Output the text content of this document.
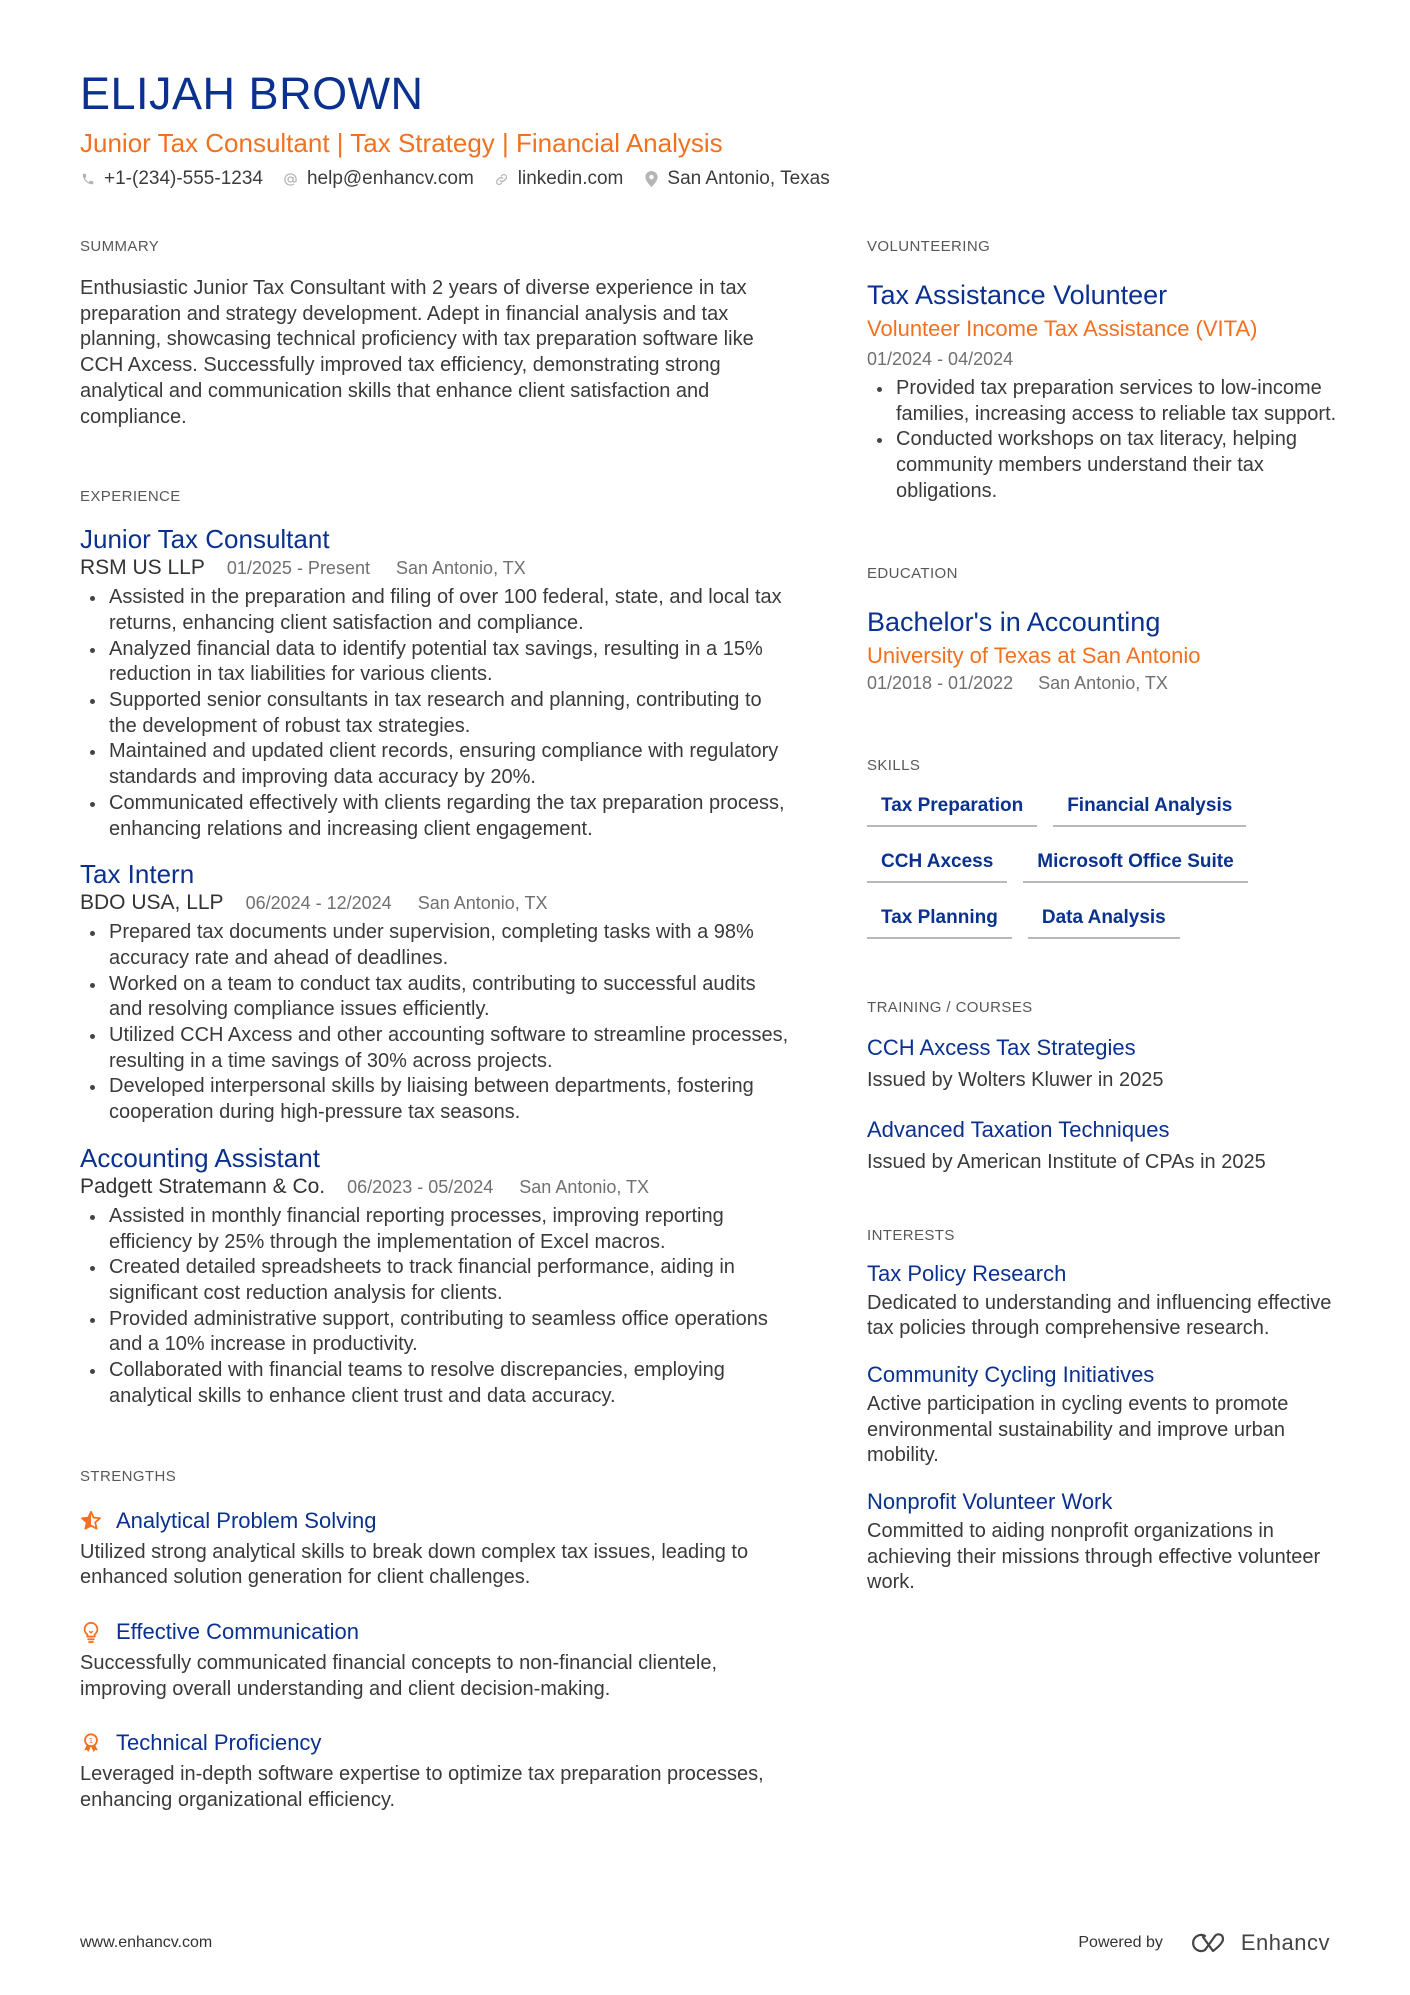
ELIJAH BROWN
Junior Tax Consultant | Tax Strategy | Financial Analysis
+1-(234)-555-1234 help@enhancv.com linkedin.com San Antonio, Texas
SUMMARY

Enthusiastic Junior Tax Consultant with 2 years of diverse experience in tax preparation and strategy development. Adept in financial analysis and tax planning, showcasing technical proficiency with tax preparation software like CCH Axcess. Successfully improved tax efficiency, demonstrating strong analytical and communication skills that enhance client satisfaction and compliance.

EXPERIENCE
Junior Tax Consultant
RSM US LLP 01/2025 - Present San Antonio, TX
Assisted in the preparation and filing of over 100 federal, state, and local tax returns, enhancing client satisfaction and compliance.
Analyzed financial data to identify potential tax savings, resulting in a 15% reduction in tax liabilities for various clients.
Supported senior consultants in tax research and planning, contributing to the development of robust tax strategies.
Maintained and updated client records, ensuring compliance with regulatory standards and improving data accuracy by 20%.
Communicated effectively with clients regarding the tax preparation process, enhancing relations and increasing client engagement.
Tax Intern
BDO USA, LLP 06/2024 - 12/2024 San Antonio, TX
Prepared tax documents under supervision, completing tasks with a 98% accuracy rate and ahead of deadlines.
Worked on a team to conduct tax audits, contributing to successful audits and resolving compliance issues efficiently.
Utilized CCH Axcess and other accounting software to streamline processes, resulting in a time savings of 30% across projects.
Developed interpersonal skills by liaising between departments, fostering cooperation during high-pressure tax seasons.
Accounting Assistant
Padgett Stratemann & Co. 06/2023 - 05/2024 San Antonio, TX
Assisted in monthly financial reporting processes, improving reporting efficiency by 25% through the implementation of Excel macros.
Created detailed spreadsheets to track financial performance, aiding in significant cost reduction analysis for clients.
Provided administrative support, contributing to seamless office operations and a 10% increase in productivity.
Collaborated with financial teams to resolve discrepancies, employing analytical skills to enhance client trust and data accuracy.
STRENGTHS
Analytical Problem Solving

Utilized strong analytical skills to break down complex tax issues, leading to enhanced solution generation for client challenges.

Effective Communication

Successfully communicated financial concepts to non-financial clientele, improving overall understanding and client decision-making.

1 Technical Proficiency

Leveraged in-depth software expertise to optimize tax preparation processes, enhancing organizational efficiency.

VOLUNTEERING
Tax Assistance Volunteer
Volunteer Income Tax Assistance (VITA)
01/2024 - 04/2024
Provided tax preparation services to low-income families, increasing access to reliable tax support.
Conducted workshops on tax literacy, helping community members understand their tax obligations.
EDUCATION
Bachelor's in Accounting
University of Texas at San Antonio
01/2018 - 01/2022 San Antonio, TX
SKILLS
Tax Preparation	Financial Analysis
CCH Axcess	Microsoft Office Suite
Tax Planning	Data Analysis
TRAINING / COURSES
CCH Axcess Tax Strategies
Issued by Wolters Kluwer in 2025
Advanced Taxation Techniques
Issued by American Institute of CPAs in 2025
INTERESTS
Tax Policy Research

Dedicated to understanding and influencing effective tax policies through comprehensive research.

Community Cycling Initiatives

Active participation in cycling events to promote environmental sustainability and improve urban mobility.

Nonprofit Volunteer Work

Committed to aiding nonprofit organizations in achieving their missions through effective volunteer work.

www.enhancv.com	Powered by	Enhancv
